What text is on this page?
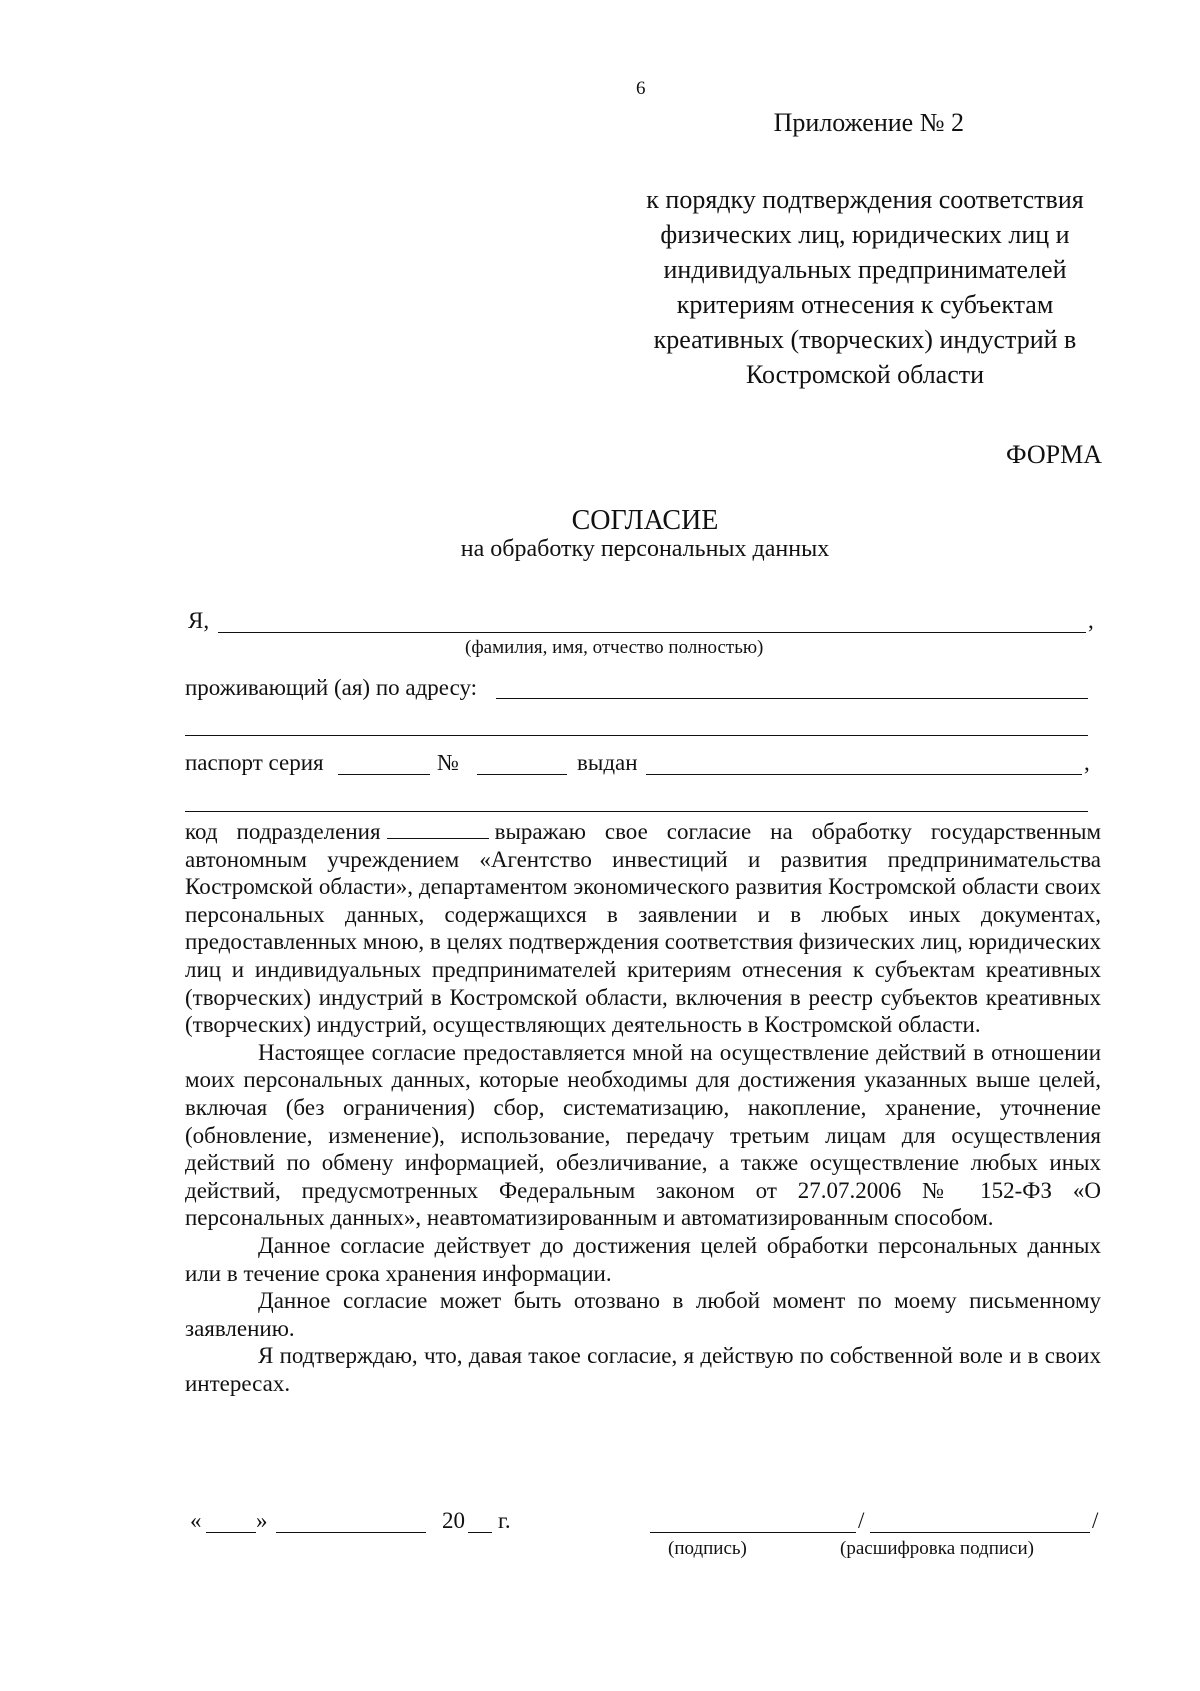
6
Приложение № 2
к порядку подтверждения соответствия
физических лиц, юридических лиц и
индивидуальных предпринимателей
критериям отнесения к субъектам
креативных (творческих) индустрий в
Костромской области
ФОРМА
СОГЛАСИЕ
на обработку персональных данных
Я,	,
(фамилия, имя, отчество полностью)
проживающий (ая) по адресу:
паспорт серия	№	выдан	,

код подразделения	выражаю свое согласие на обработку государственным автономным учреждением «Агентство инвестиций и развития предпринимательства Костромской области», департаментом экономического развития Костромской области своих персональных данных, содержащихся в заявлении и в любых иных документах, предоставленных мною, в целях подтверждения соответствия физических лиц, юридических лиц и индивидуальных предпринимателей критериям отнесения к субъектам креативных (творческих) индустрий в Костромской области, включения в реестр субъектов креативных (творческих) индустрий, осуществляющих деятельность в Костромской области.

Настоящее согласие предоставляется мной на осуществление действий в отношении моих персональных данных, которые необходимы для достижения указанных выше целей, включая (без ограничения) сбор, систематизацию, накопление, хранение, уточнение (обновление, изменение), использование, передачу третьим лицам для осуществления действий по обмену информацией, обезличивание, а также осуществление любых иных действий, предусмотренных Федеральным законом от 27.07.2006 № 152-ФЗ «О персональных данных», неавтоматизированным и автоматизированным способом.

Данное согласие действует до достижения целей обработки персональных данных или в течение срока хранения информации.

Данное согласие может быть отозвано в любой момент по моему письменному заявлению.

Я подтверждаю, что, давая такое согласие, я действую по собственной воле и в своих интересах.

« »	20 г.	/	/
(подпись)	(расшифровка подписи)
